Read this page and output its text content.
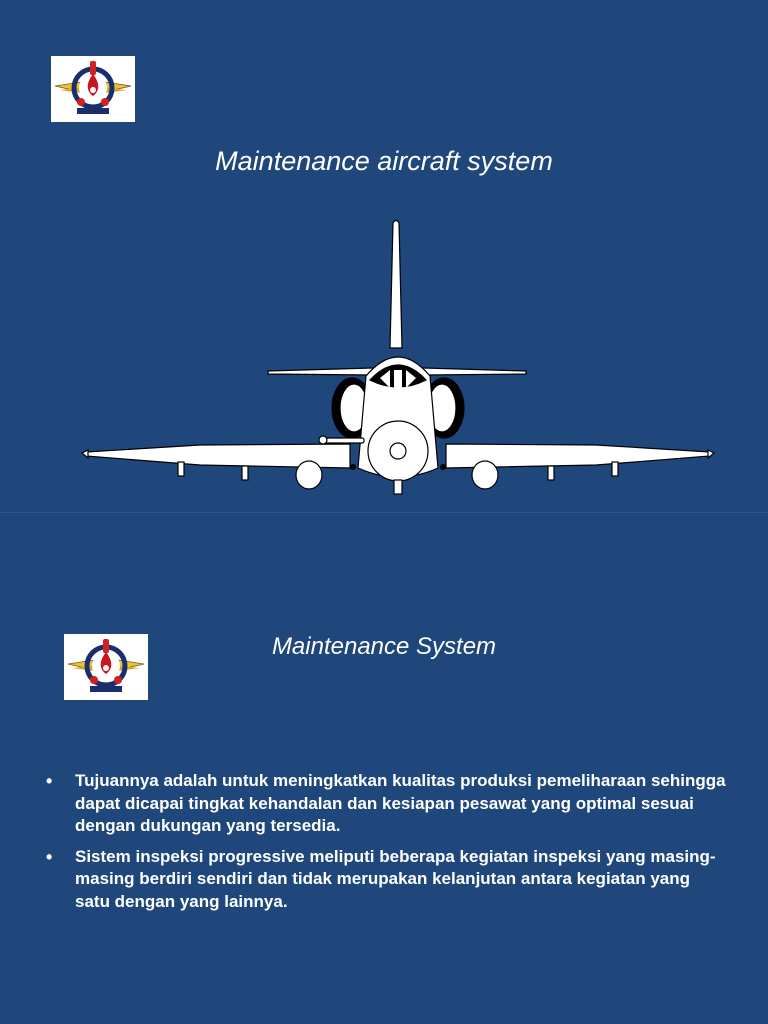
Maintenance aircraft system
Maintenance System
• Tujuannya adalah untuk meningkatkan kualitas produksi pemeliharaan sehingga dapat dicapai tingkat kehandalan dan kesiapan pesawat yang optimal sesuai dengan dukungan yang tersedia.
• Sistem inspeksi progressive meliputi beberapa kegiatan inspeksi yang masing-masing berdiri sendiri dan tidak merupakan kelanjutan antara kegiatan yang satu dengan yang lainnya.
